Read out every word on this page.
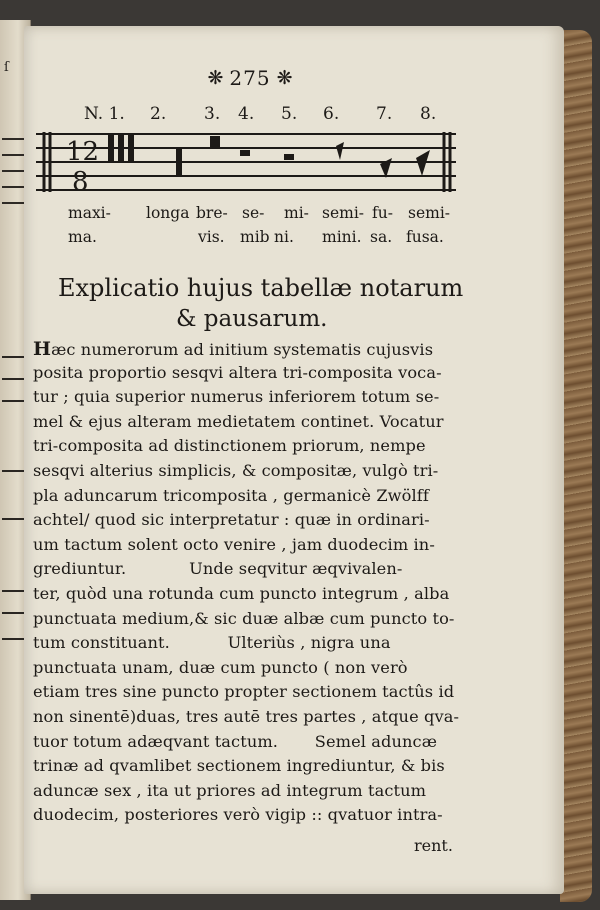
ſ	❋ 275 ❋
N. 1. 2. 3. 4. 5. 6. 7. 8.
12
8
maxi- longa bre- se- mi- semi- fu- semi-
ma.	vis. mib ni. mini. sa. fusa.
Explicatio hujus tabellæ notarum
& pausarum.
Hæc numerorum ad initium systematis cujusvis
posita proportio sesqvi altera tri-composita voca-
tur ; quia superior numerus inferiorem totum se-
mel & ejus alteram medietatem continet. Vocatur
tri-composita ad distinctionem priorum, nempe
sesqvi alterius simplicis, & compositæ, vulgò tri-
pla aduncarum tricomposita , germanicè Zwölff
achtel/ quod sic interpretatur : quæ in ordinari-
um tactum solent octo venire , jam duodecim in-
grediuntur.            Unde seqvitur æqvivalen-
ter, quòd una rotunda cum puncto integrum , alba
punctuata medium,& sic duæ albæ cum puncto to-
tum constituant.           Ulteriùs , nigra una
punctuata unam, duæ cum puncto ( non verò
etiam tres sine puncto propter sectionem tactûs id
non sinentē)duas, tres autē tres partes , atque qva-
tuor totum adæqvant tactum.       Semel aduncæ
trinæ ad qvamlibet sectionem ingrediuntur, & bis
aduncæ sex , ita ut priores ad integrum tactum
duodecim, posteriores verò vigip :: qvatuor intra-
rent.
